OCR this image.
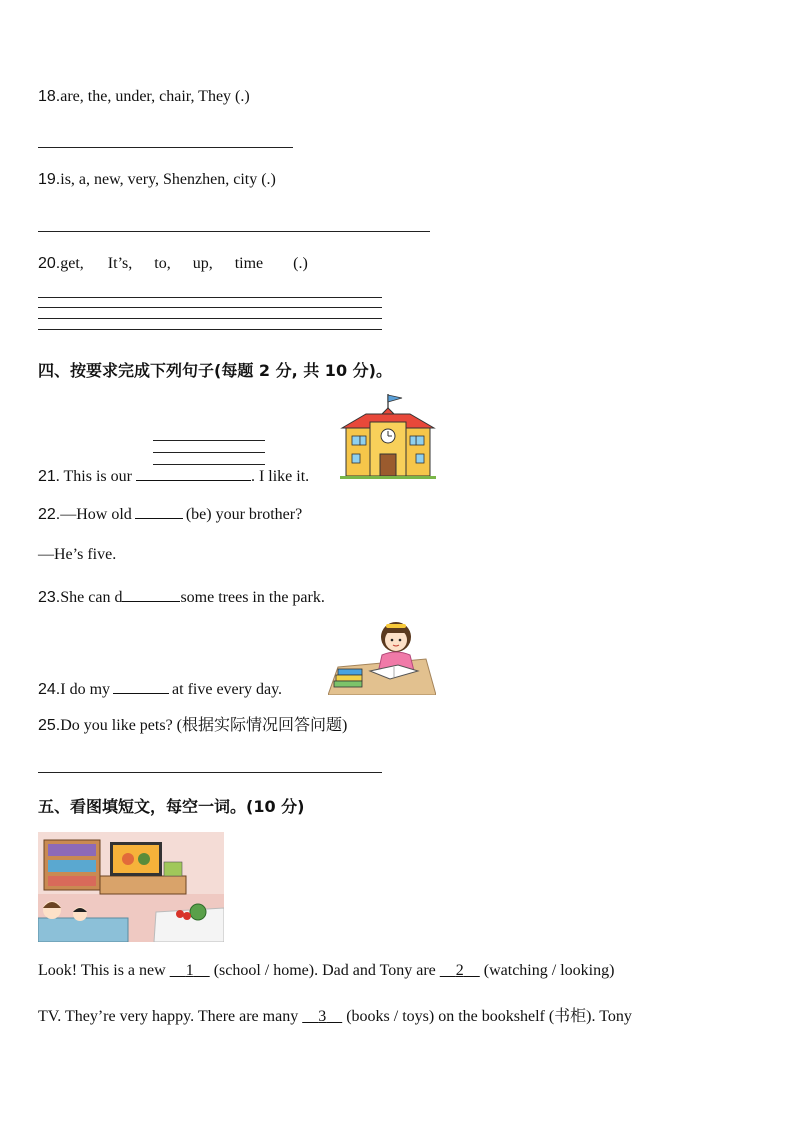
18.are, the, under, chair, They (.)
19.is, a, new, very, Shenzhen, city (.)
20.get, It’s, to, up, time (.)
四、按要求完成下列句子(每题 2 分, 共 10 分)。
21. This is our	. I like it.
22.—How old	(be) your brother?
—He’s five.
23.She can d	some trees in the park.
24.I do my	at five every day.
25.Do you like pets? (根据实际情况回答问题)
五、看图填短文，每空一词。(10 分)
Look! This is a new     1     (school / home). Dad and Tony are     2     (watching / looking)
TV. They’re very happy. There are many     3     (books / toys) on the bookshelf (书柜). Tony
